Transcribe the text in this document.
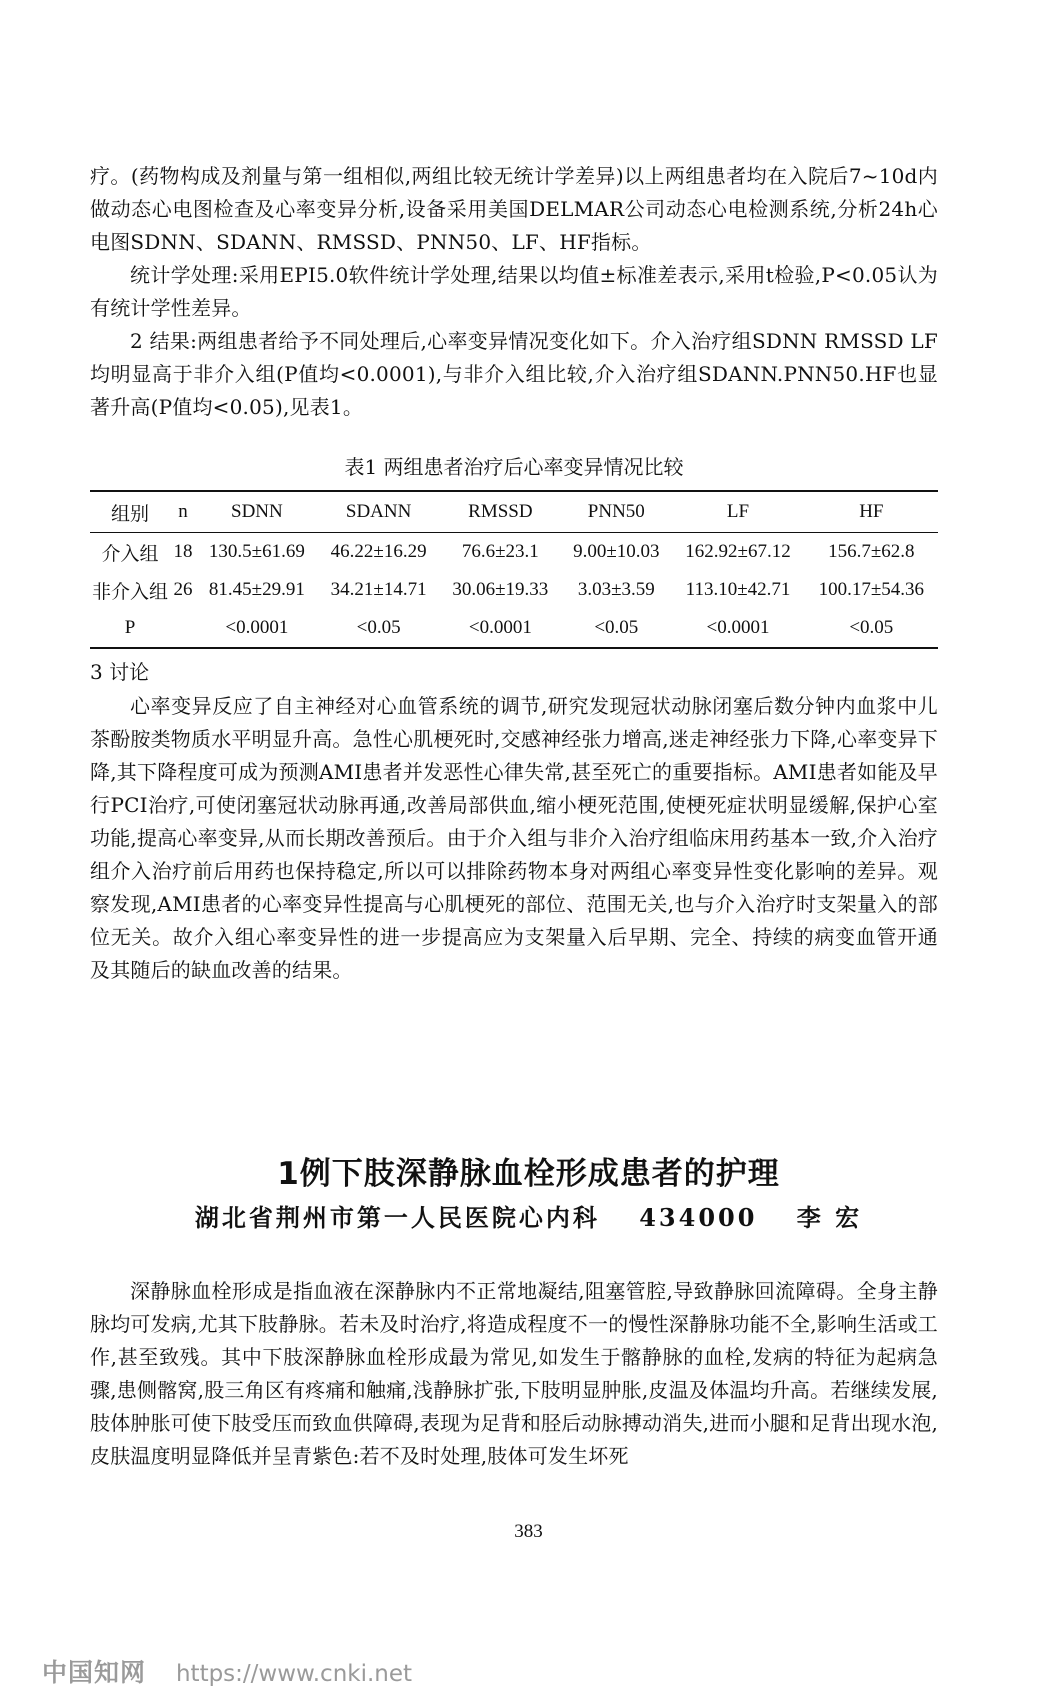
疗。(药物构成及剂量与第一组相似,两组比较无统计学差异)以上两组患者均在入院后7~10d内做动态心电图检查及心率变异分析,设备采用美国DELMAR公司动态心电检测系统,分析24h心电图SDNN、SDANN、RMSSD、PNN50、LF、HF指标。

统计学处理:采用EPI5.0软件统计学处理,结果以均值±标准差表示,采用t检验,P<0.05认为有统计学性差异。

2 结果:两组患者给予不同处理后,心率变异情况变化如下。介入治疗组SDNN RMSSD LF均明显高于非介入组(P值均<0.0001),与非介入组比较,介入治疗组SDANN.PNN50.HF也显著升高(P值均<0.05),见表1。

表1 两组患者治疗后心率变异情况比较
组别	n	SDNN	SDANN	RMSSD	PNN50	LF	HF
介入组	18	130.5±61.69	46.22±16.29	76.6±23.1	9.00±10.03	162.92±67.12	156.7±62.8
非介入组	26	81.45±29.91	34.21±14.71	30.06±19.33	3.03±3.59	113.10±42.71	100.17±54.36
P		<0.0001	<0.05	<0.0001	<0.05	<0.0001	<0.05
3 讨论

心率变异反应了自主神经对心血管系统的调节,研究发现冠状动脉闭塞后数分钟内血浆中儿茶酚胺类物质水平明显升高。急性心肌梗死时,交感神经张力增高,迷走神经张力下降,心率变异下降,其下降程度可成为预测AMI患者并发恶性心律失常,甚至死亡的重要指标。AMI患者如能及早行PCI治疗,可使闭塞冠状动脉再通,改善局部供血,缩小梗死范围,使梗死症状明显缓解,保护心室功能,提高心率变异,从而长期改善预后。由于介入组与非介入治疗组临床用药基本一致,介入治疗组介入治疗前后用药也保持稳定,所以可以排除药物本身对两组心率变异性变化影响的差异。观察发现,AMI患者的心率变异性提高与心肌梗死的部位、范围无关,也与介入治疗时支架量入的部位无关。故介入组心率变异性的进一步提高应为支架量入后早期、完全、持续的病变血管开通及其随后的缺血改善的结果。

1例下肢深静脉血栓形成患者的护理
湖北省荆州市第一人民医院心内科 434000 李 宏

深静脉血栓形成是指血液在深静脉内不正常地凝结,阻塞管腔,导致静脉回流障碍。全身主静脉均可发病,尤其下肢静脉。若未及时治疗,将造成程度不一的慢性深静脉功能不全,影响生活或工作,甚至致残。其中下肢深静脉血栓形成最为常见,如发生于髂静脉的血栓,发病的特征为起病急骤,患侧髂窝,股三角区有疼痛和触痛,浅静脉扩张,下肢明显肿胀,皮温及体温均升高。若继续发展,肢体肿胀可使下肢受压而致血供障碍,表现为足背和胫后动脉搏动消失,进而小腿和足背出现水泡,皮肤温度明显降低并呈青紫色:若不及时处理,肢体可发生坏死

383
中国知网 https://www.cnki.net
